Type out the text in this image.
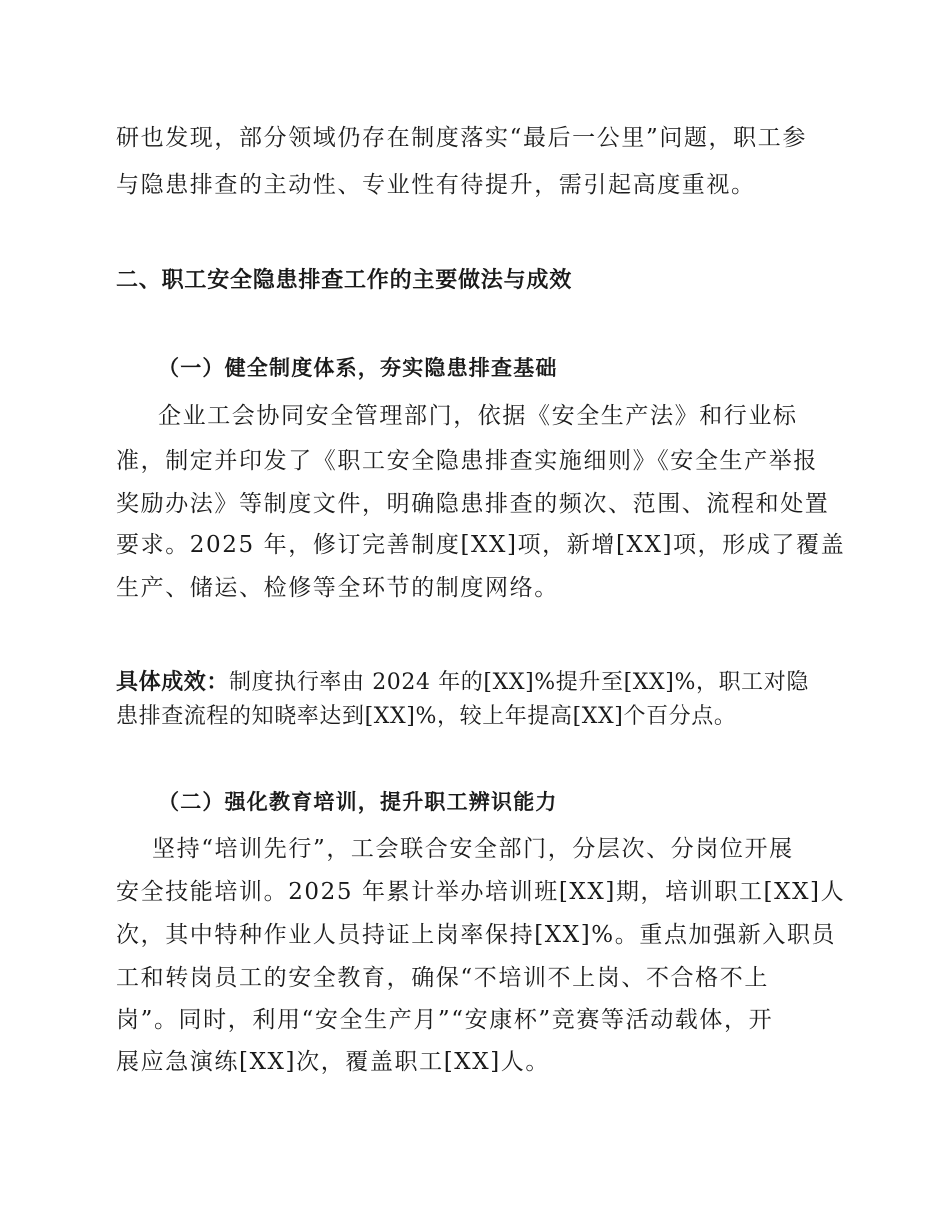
研也发现，部分领域仍存在制度落实“最后一公里”问题，职工参
与隐患排查的主动性、专业性有待提升，需引起高度重视。
二、职工安全隐患排查工作的主要做法与成效
（一）健全制度体系，夯实隐患排查基础
企业工会协同安全管理部门，依据《安全生产法》和行业标
准，制定并印发了《职工安全隐患排查实施细则》《安全生产举报
奖励办法》等制度文件，明确隐患排查的频次、范围、流程和处置
要求。2025 年，修订完善制度[XX]项，新增[XX]项，形成了覆盖
生产、储运、检修等全环节的制度网络。
具体成效：制度执行率由 2024 年的[XX]%提升至[XX]%，职工对隐
患排查流程的知晓率达到[XX]%，较上年提高[XX]个百分点。
（二）强化教育培训，提升职工辨识能力
坚持“培训先行”，工会联合安全部门，分层次、分岗位开展
安全技能培训。2025 年累计举办培训班[XX]期，培训职工[XX]人
次，其中特种作业人员持证上岗率保持[XX]%。重点加强新入职员
工和转岗员工的安全教育，确保“不培训不上岗、不合格不上
岗”。同时，利用“安全生产月”“安康杯”竞赛等活动载体，开
展应急演练[XX]次，覆盖职工[XX]人。
